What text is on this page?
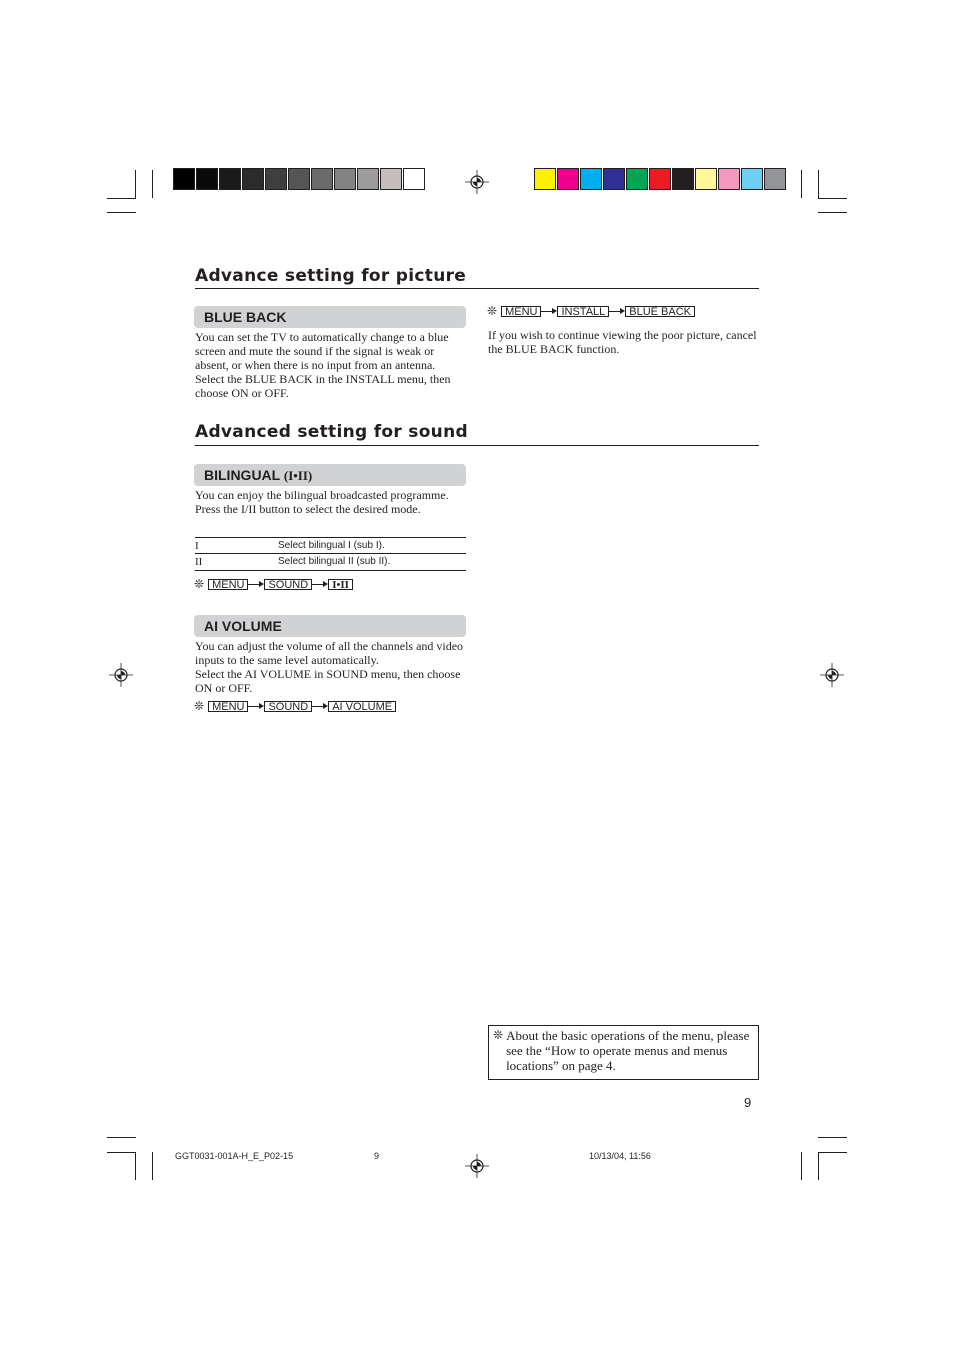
Advance setting for picture
BLUE BACK

You can set the TV to automatically change to a blue screen and mute the sound if the signal is weak or absent, or when there is no input from an antenna.

Select the BLUE BACK in the INSTALL menu, then choose ON or OFF.

❊ MENU	INSTALL	BLUE BACK

If you wish to continue viewing the poor picture, cancel the BLUE BACK function.

Advanced setting for sound
BILINGUAL (I•II)

You can enjoy the bilingual broadcasted programme.

Press the I/II button to select the desired mode.

I	Select bilingual I (sub I).
II	Select bilingual II (sub II).
❊ MENU	SOUND	I•II
AI VOLUME

You can adjust the volume of all the channels and video inputs to the same level automatically.

Select the AI VOLUME in SOUND menu, then choose ON or OFF.

❊ MENU	SOUND	AI VOLUME
❊ About the basic operations of the menu, please see the “How to operate menus and menus locations” on page 4.
9
GGT0031-001A-H_E_P02-15	9	10/13/04, 11:56
